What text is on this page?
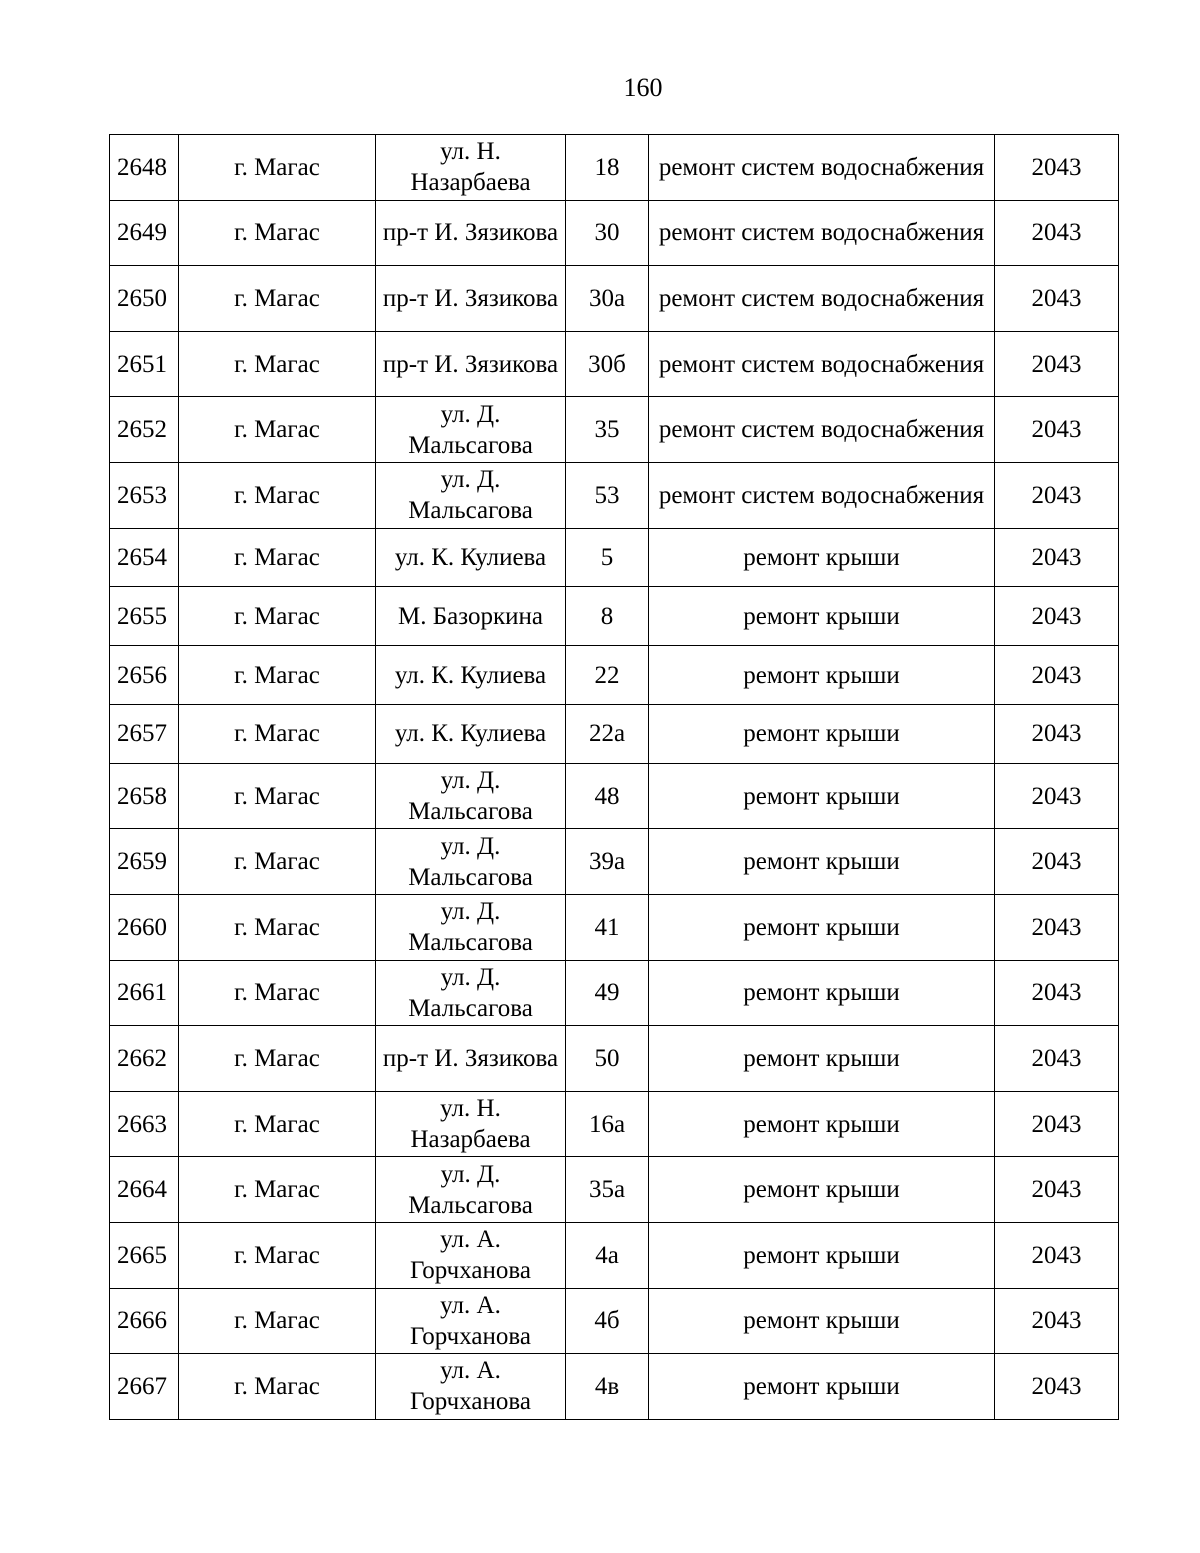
160
2648	г. Магас	ул. Н. Назарбаева	18	ремонт систем водоснабжения	2043
2649	г. Магас	пр-т И. Зязикова	30	ремонт систем водоснабжения	2043
2650	г. Магас	пр-т И. Зязикова	30а	ремонт систем водоснабжения	2043
2651	г. Магас	пр-т И. Зязикова	30б	ремонт систем водоснабжения	2043
2652	г. Магас	ул. Д. Мальсагова	35	ремонт систем водоснабжения	2043
2653	г. Магас	ул. Д. Мальсагова	53	ремонт систем водоснабжения	2043
2654	г. Магас	ул. К. Кулиева	5	ремонт крыши	2043
2655	г. Магас	М. Базоркина	8	ремонт крыши	2043
2656	г. Магас	ул. К. Кулиева	22	ремонт крыши	2043
2657	г. Магас	ул. К. Кулиева	22а	ремонт крыши	2043
2658	г. Магас	ул. Д. Мальсагова	48	ремонт крыши	2043
2659	г. Магас	ул. Д. Мальсагова	39а	ремонт крыши	2043
2660	г. Магас	ул. Д. Мальсагова	41	ремонт крыши	2043
2661	г. Магас	ул. Д. Мальсагова	49	ремонт крыши	2043
2662	г. Магас	пр-т И. Зязикова	50	ремонт крыши	2043
2663	г. Магас	ул. Н. Назарбаева	16а	ремонт крыши	2043
2664	г. Магас	ул. Д. Мальсагова	35а	ремонт крыши	2043
2665	г. Магас	ул. А. Горчханова	4а	ремонт крыши	2043
2666	г. Магас	ул. А. Горчханова	4б	ремонт крыши	2043
2667	г. Магас	ул. А. Горчханова	4в	ремонт крыши	2043
